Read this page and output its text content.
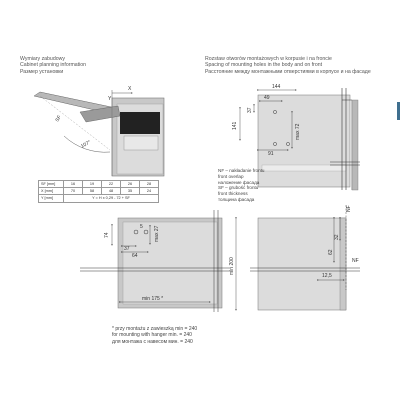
Wymiary zabudowy
Cabinet planning information
Размер установки
Rozstaw otworów montażowych w korpusie i na froncie
Spacing of mounting holes in the body and on front
Расстояние между монтажными отверстиями в корпусе и на фасаде
SF
107°
Y
X	144
49
37
141
91
max 72
74
37
64
5 max 27
min 200
min 175 *
NF
32
62
12,5
NF
SF [mm]	16	19	22	26	28
X [mm]	70	58	48	35	24
Y [mm]	Y = H x 0,29 - 72 + SF				
NF – nakładanie frontu
front overlap
наложение фасада
SF – grubość frontu
front thickness
толщина фасада
* przy montażu z zawieszką min = 240
for mounting with hanger min. = 240
для монтажа с навесом мин. = 240
